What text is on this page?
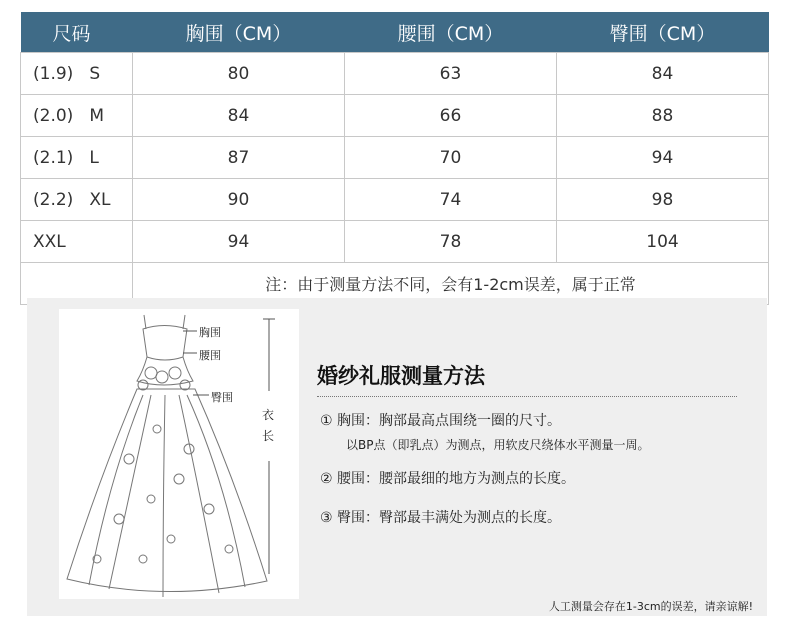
尺码	胸围（CM）	腰围（CM）	臀围（CM）
(1.9) S	80	63	84
(2.0) M	84	66	88
(2.1) L	87	70	94
(2.2) XL	90	74	98
XXL	94	78	104
	注：由于测量方法不同，会有1-2cm误差，属于正常		
胸围
腰围
臀围
衣
长
婚纱礼服测量方法
① 胸围：胸部最高点围绕一圈的尺寸。
以BP点（即乳点）为测点，用软皮尺绕体水平测量一周。
② 腰围：腰部最细的地方为测点的长度。
③ 臀围：臀部最丰满处为测点的长度。
人工测量会存在1-3cm的误差，请亲谅解!
